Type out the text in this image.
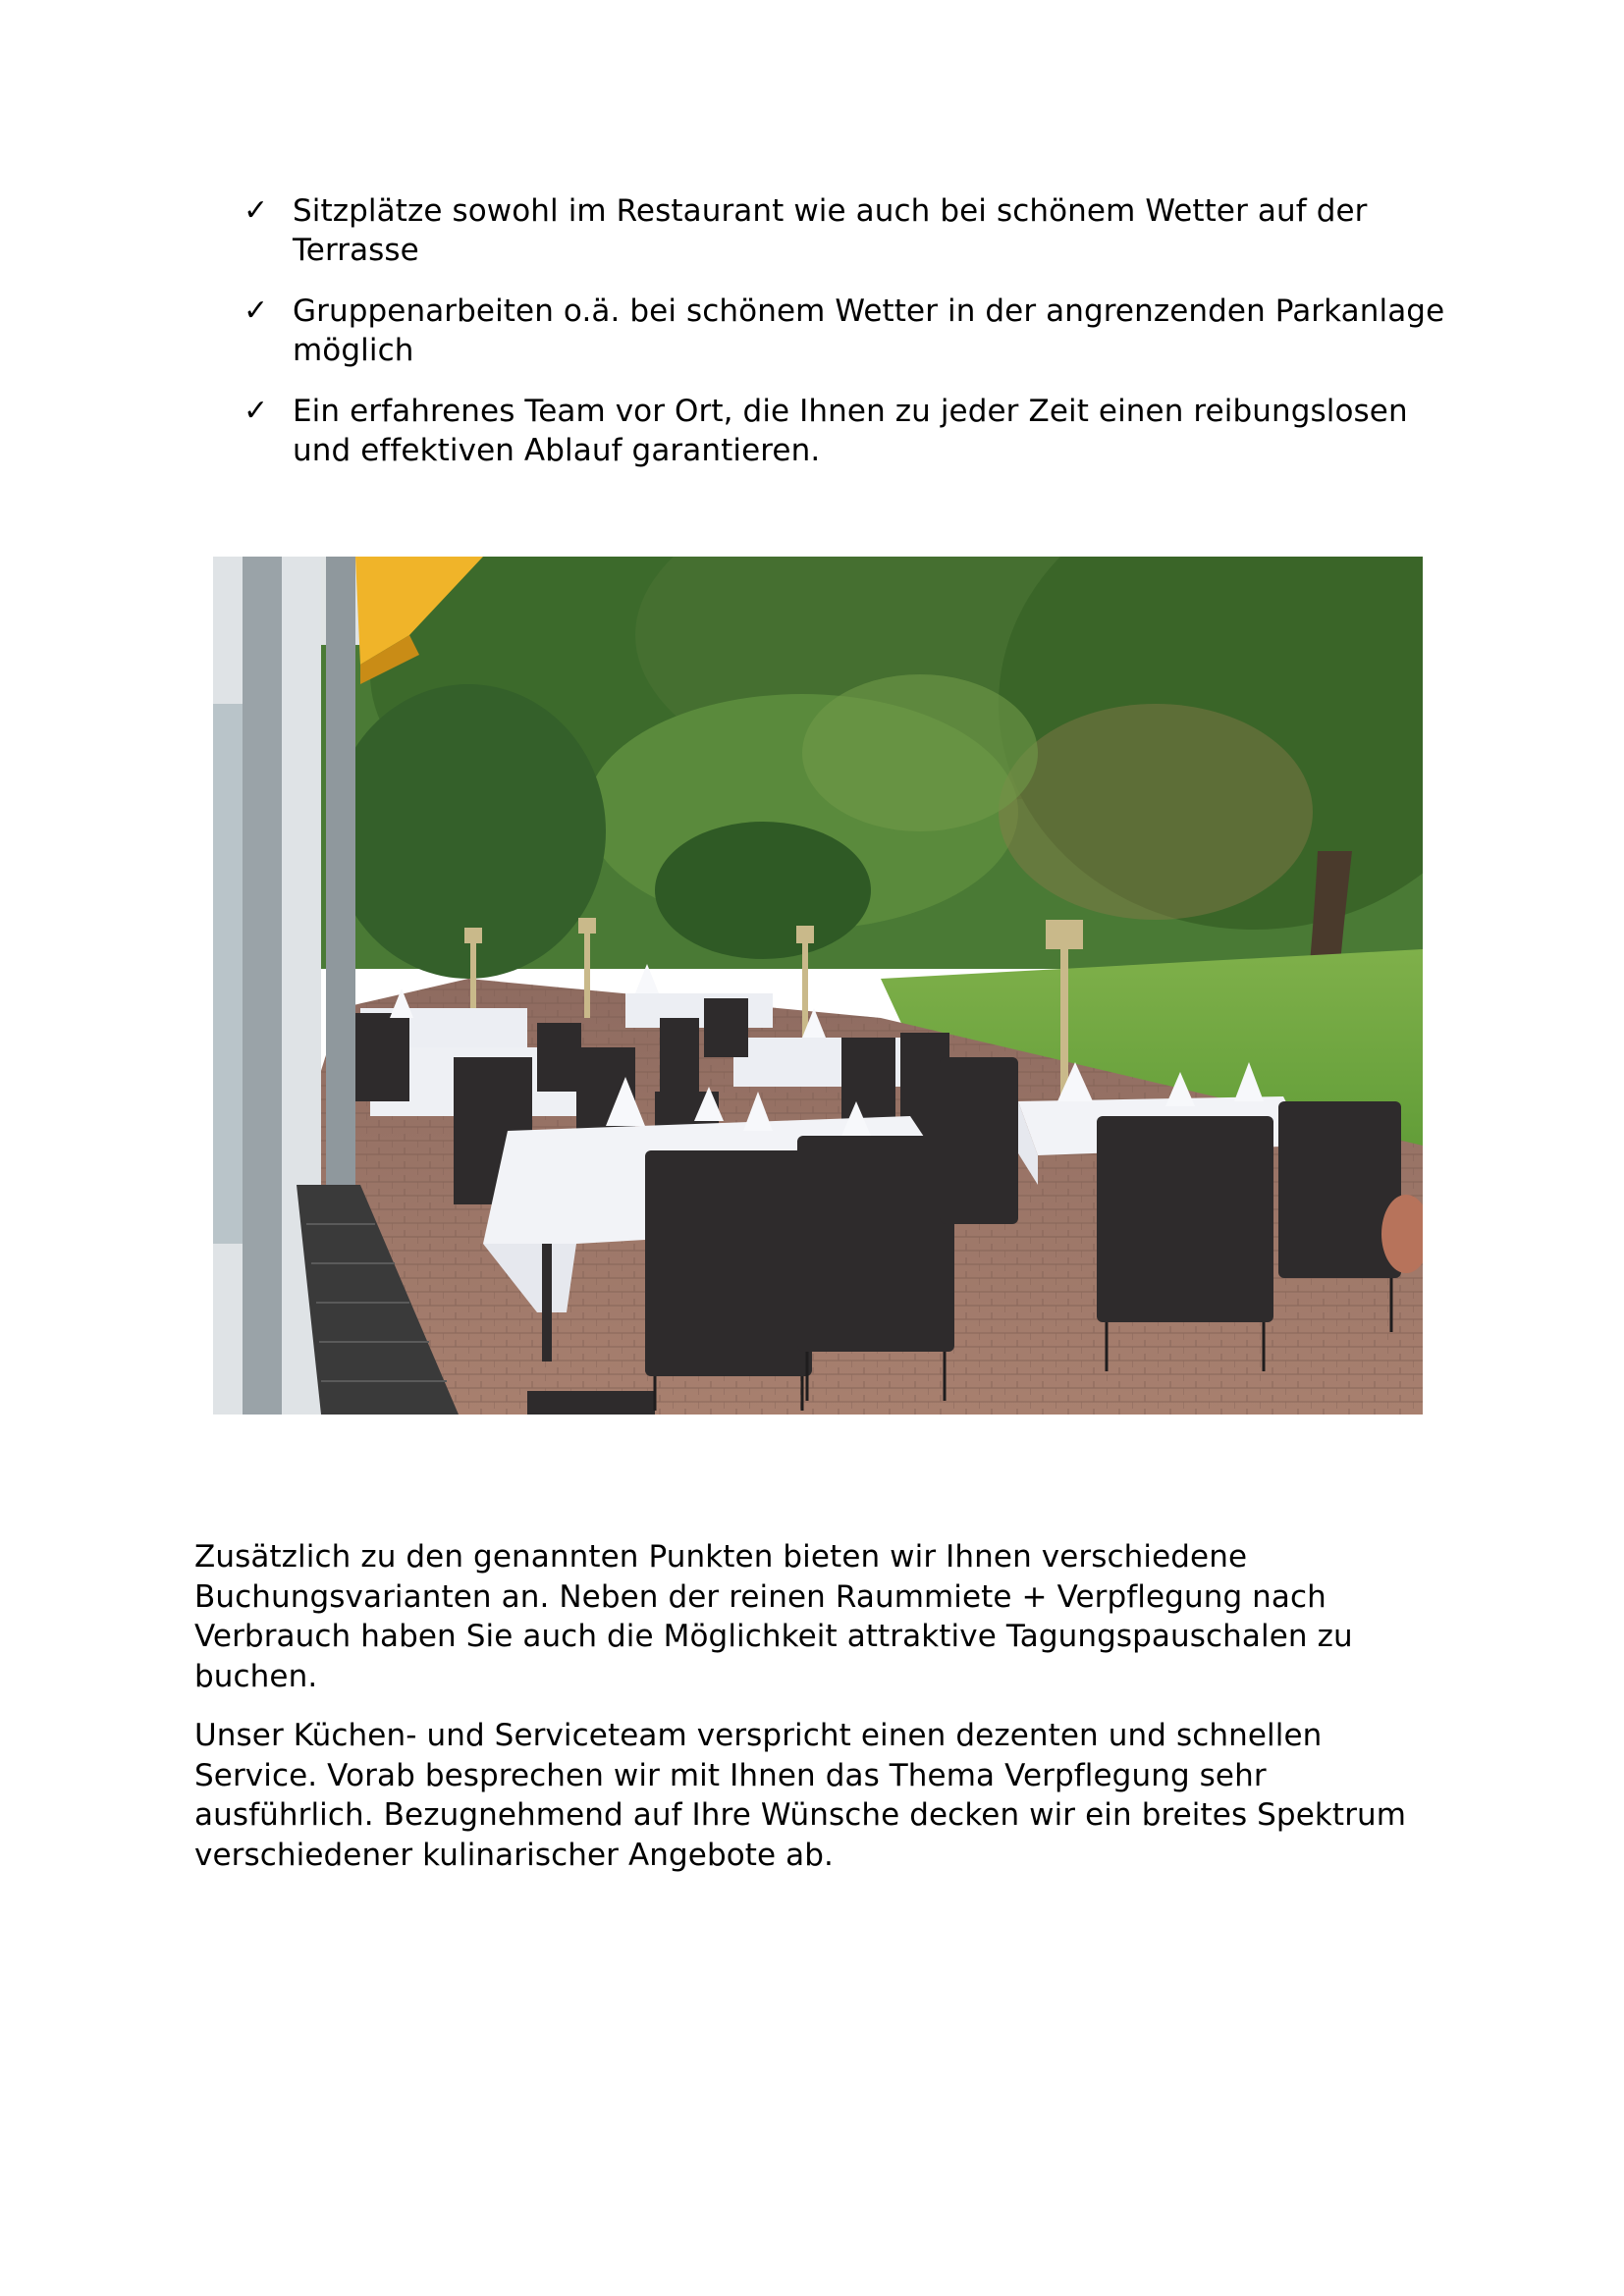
✓ Sitzplätze sowohl im Restaurant wie auch bei schönem Wetter auf der
Terrasse
✓ Gruppenarbeiten o.ä. bei schönem Wetter in der angrenzenden Parkanlage
möglich
✓ Ein erfahrenes Team vor Ort, die Ihnen zu jeder Zeit einen reibungslosen
und effektiven Ablauf garantieren.

Zusätzlich zu den genannten Punkten bieten wir Ihnen verschiedene
Buchungsvarianten an. Neben der reinen Raummiete + Verpflegung nach
Verbrauch haben Sie auch die Möglichkeit attraktive Tagungspauschalen zu
buchen.

Unser Küchen- und Serviceteam verspricht einen dezenten und schnellen
Service. Vorab besprechen wir mit Ihnen das Thema Verpflegung sehr
ausführlich. Bezugnehmend auf Ihre Wünsche decken wir ein breites Spektrum
verschiedener kulinarischer Angebote ab.
